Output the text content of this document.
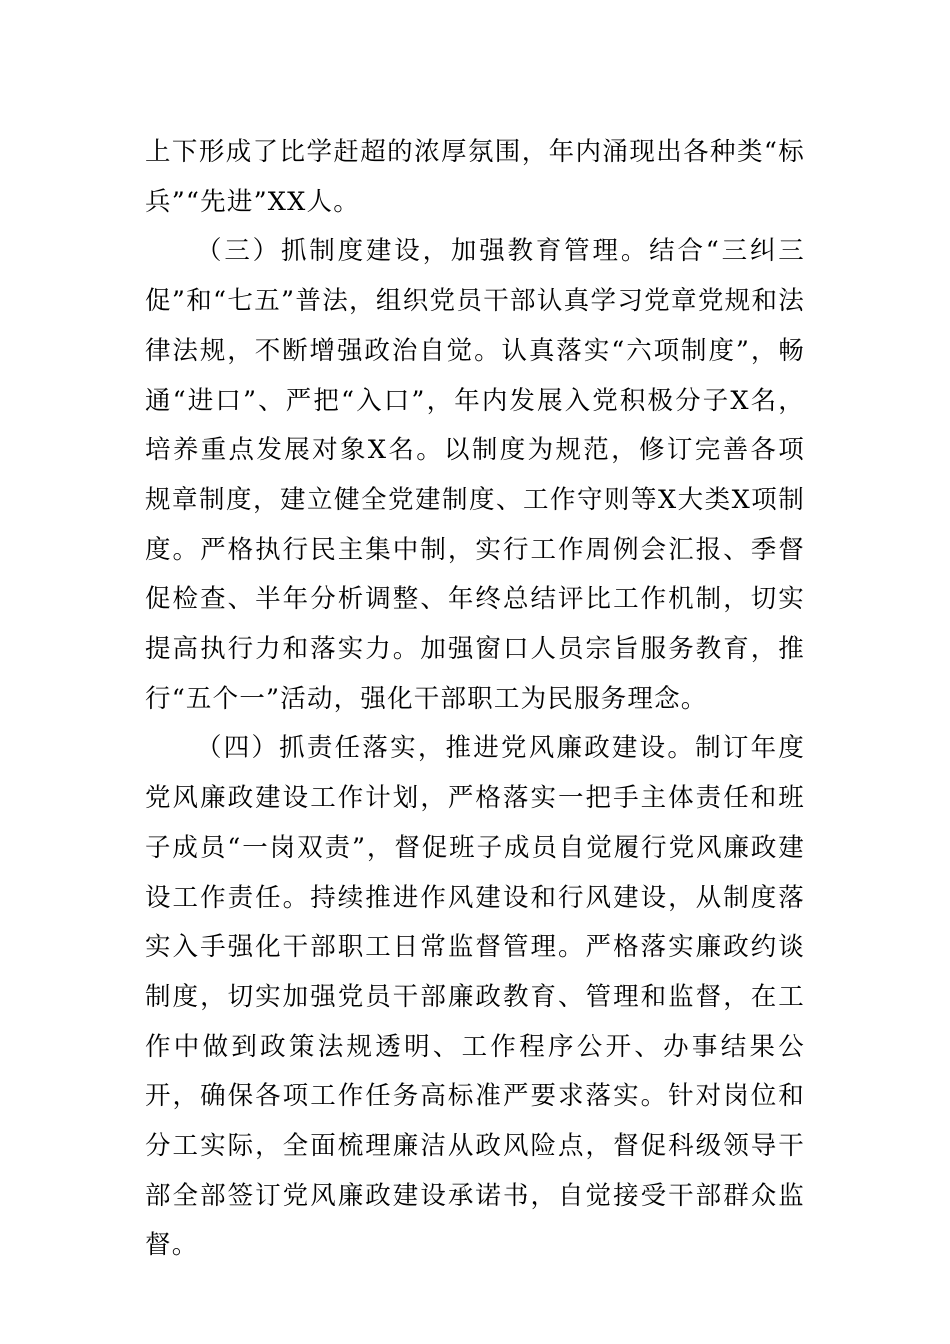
上下形成了比学赶超的浓厚氛围，年内涌现出各种类“标兵”“先进”XX人。

（三）抓制度建设，加强教育管理。结合“三纠三促”和“七五”普法，组织党员干部认真学习党章党规和法律法规，不断增强政治自觉。认真落实“六项制度”，畅通“进口”、严把“入口”，年内发展入党积极分子X名，培养重点发展对象X名。以制度为规范，修订完善各项规章制度，建立健全党建制度、工作守则等X大类X项制度。严格执行民主集中制，实行工作周例会汇报、季督促检查、半年分析调整、年终总结评比工作机制，切实提高执行力和落实力。加强窗口人员宗旨服务教育，推行“五个一”活动，强化干部职工为民服务理念。

（四）抓责任落实，推进党风廉政建设。制订年度党风廉政建设工作计划，严格落实一把手主体责任和班子成员“一岗双责”，督促班子成员自觉履行党风廉政建设工作责任。持续推进作风建设和行风建设，从制度落实入手强化干部职工日常监督管理。严格落实廉政约谈制度，切实加强党员干部廉政教育、管理和监督，在工作中做到政策法规透明、工作程序公开、办事结果公开，确保各项工作任务高标准严要求落实。针对岗位和分工实际，全面梳理廉洁从政风险点，督促科级领导干部全部签订党风廉政建设承诺书，自觉接受干部群众监督。
